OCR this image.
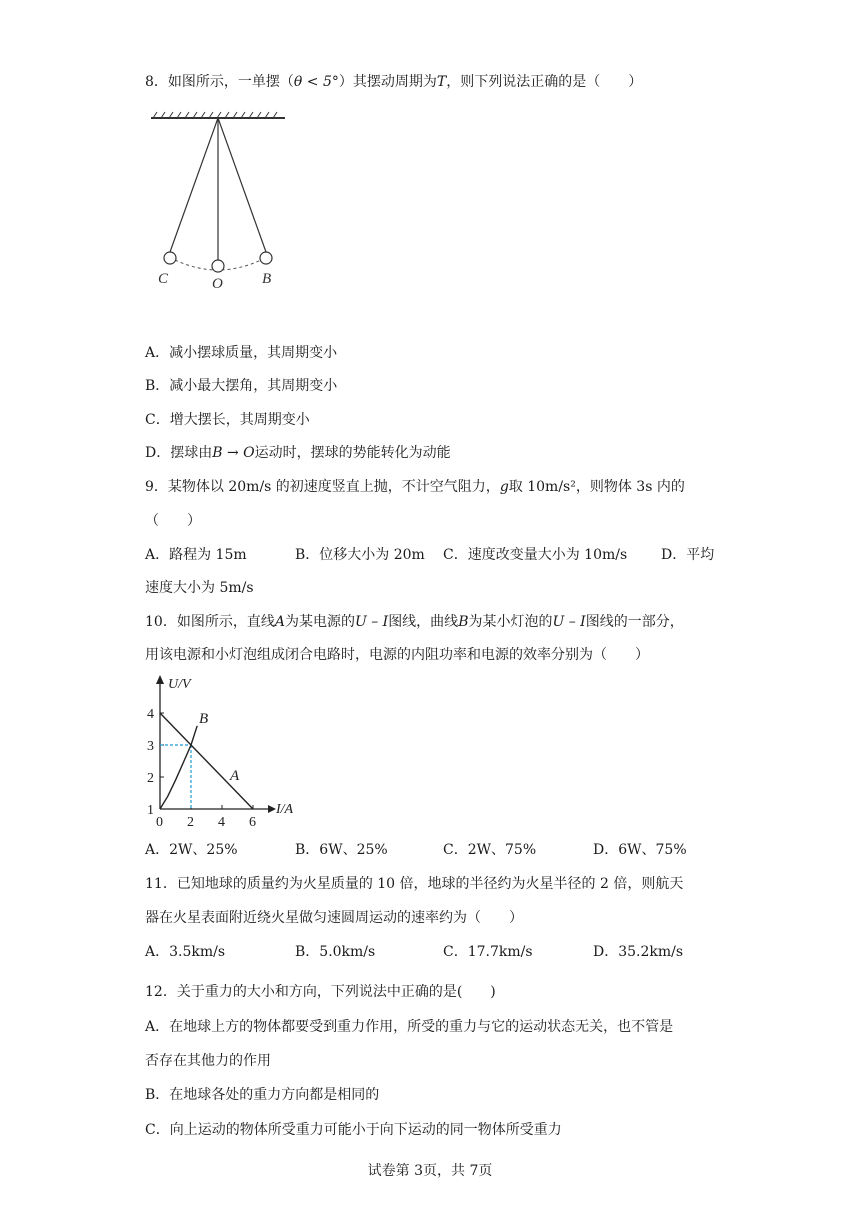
8．如图所示，一单摆（θ < 5°）其摆动周期为T，则下列说法正确的是（　　）
C	O	B
A．减小摆球质量，其周期变小
B．减小最大摆角，其周期变小
C．增大摆长，其周期变小
D．摆球由B → O运动时，摆球的势能转化为动能
9．某物体以 20m/s 的初速度竖直上抛，不计空气阻力，g取 10m/s²，则物体 3s 内的
（　　）
A．路程为 15m	B．位移大小为 20m C．速度改变量大小为 10m/s D．平均
速度大小为 5m/s
10．如图所示，直线A为某电源的U – I图线，曲线B为某小灯泡的U – I图线的一部分，
用该电源和小灯泡组成闭合电路时，电源的内阻功率和电源的效率分别为（　　）
U/V
I/A
1
2
3
4
0 2 4 6
A
B
A．2W、25%	B．6W、25%	C．2W、75%	D．6W、75%
11．已知地球的质量约为火星质量的 10 倍，地球的半径约为火星半径的 2 倍，则航天
器在火星表面附近绕火星做匀速圆周运动的速率约为（　　）
A．3.5km/s	B．5.0km/s	C．17.7km/s	D．35.2km/s
12．关于重力的大小和方向，下列说法中正确的是(　　)
A．在地球上方的物体都要受到重力作用，所受的重力与它的运动状态无关，也不管是
否存在其他力的作用
B．在地球各处的重力方向都是相同的
C．向上运动的物体所受重力可能小于向下运动的同一物体所受重力
试卷第 3页，共 7页
